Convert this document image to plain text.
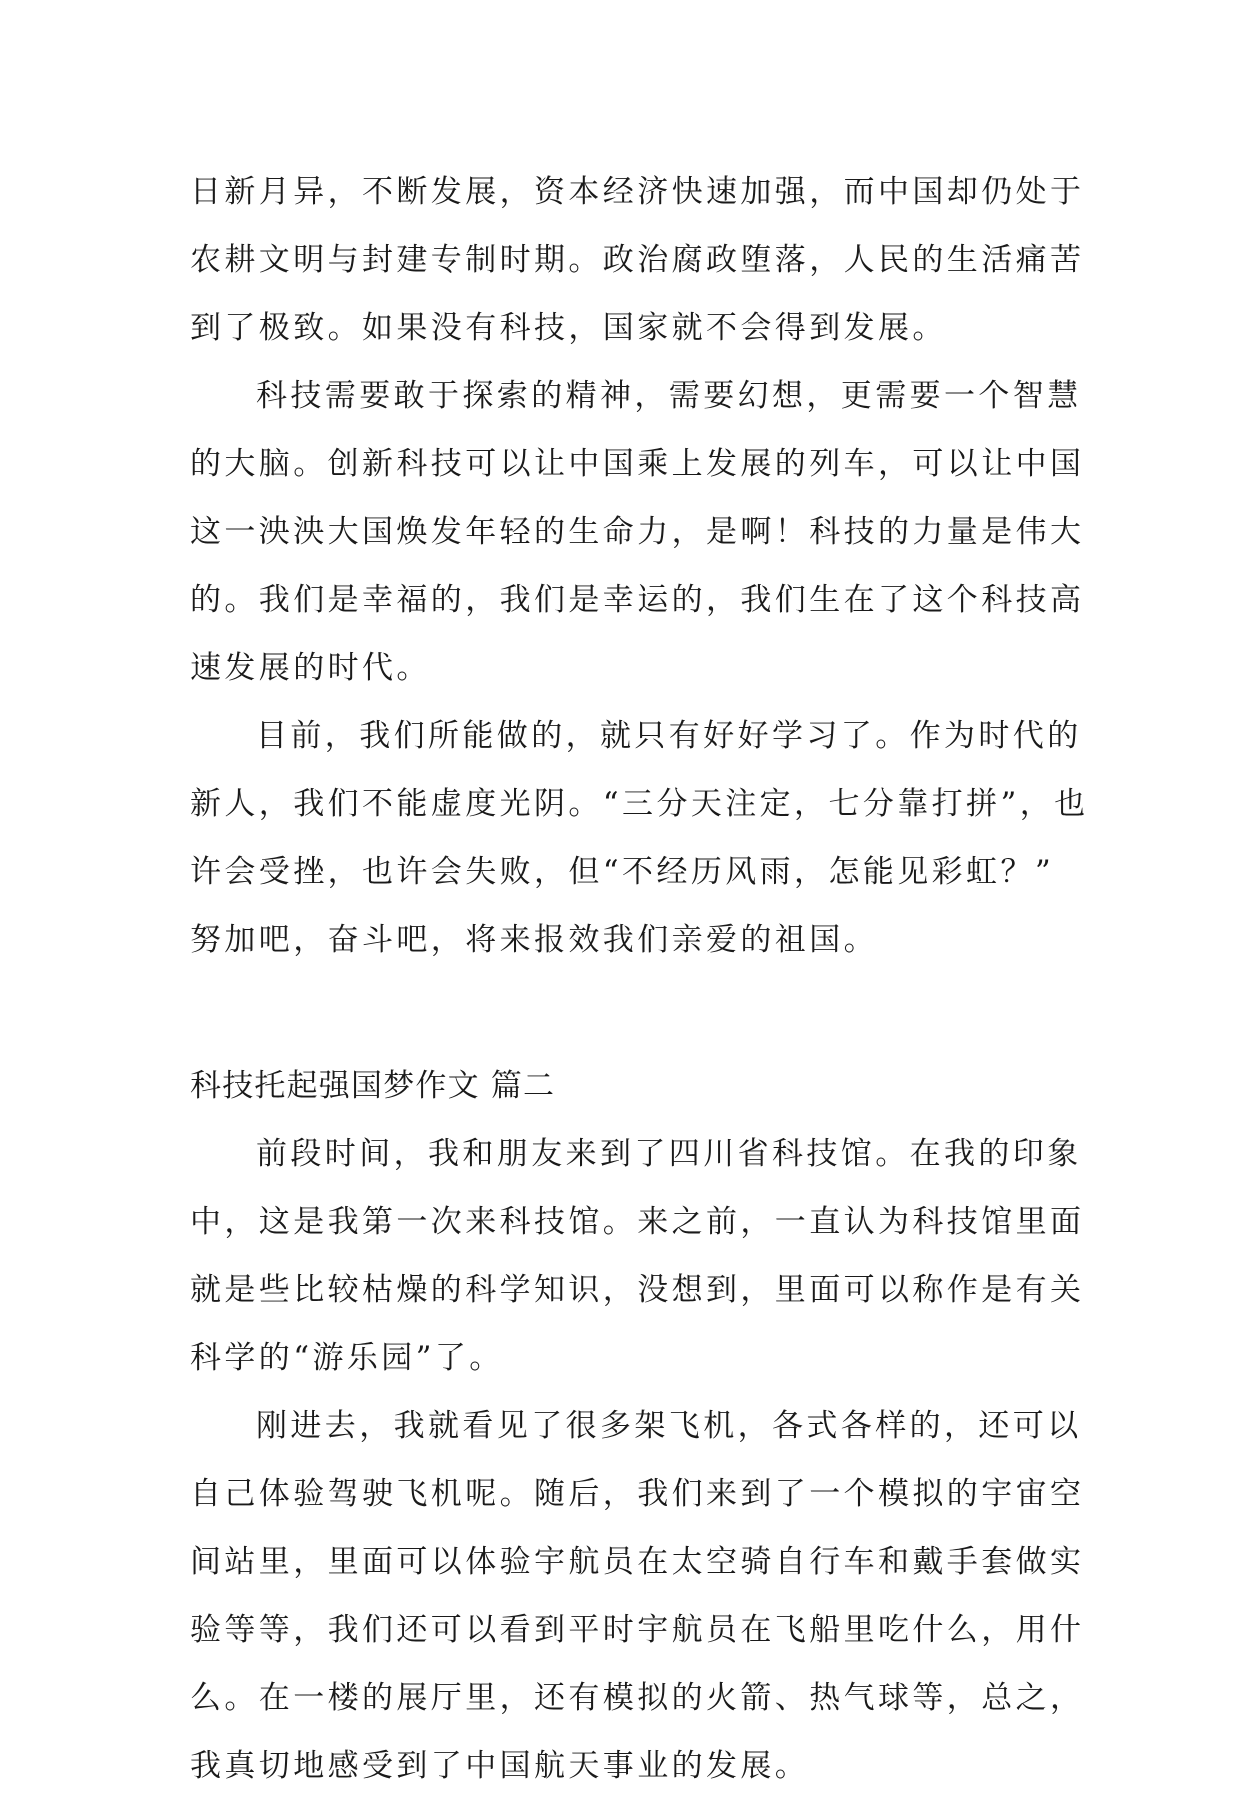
日新月异，不断发展，资本经济快速加强，而中国却仍处于
农耕文明与封建专制时期。政治腐政堕落，人民的生活痛苦
到了极致。如果没有科技，国家就不会得到发展。
科技需要敢于探索的精神，需要幻想，更需要一个智慧
的大脑。创新科技可以让中国乘上发展的列车，可以让中国
这一泱泱大国焕发年轻的生命力，是啊！科技的力量是伟大
的。我们是幸福的，我们是幸运的，我们生在了这个科技高
速发展的时代。
目前，我们所能做的，就只有好好学习了。作为时代的
新人，我们不能虚度光阴。“三分天注定，七分靠打拼”，也
许会受挫，也许会失败，但“不经历风雨，怎能见彩虹？”
努加吧，奋斗吧，将来报效我们亲爱的祖国。
科技托起强国梦作文 篇二
前段时间，我和朋友来到了四川省科技馆。在我的印象
中，这是我第一次来科技馆。来之前，一直认为科技馆里面
就是些比较枯燥的科学知识，没想到，里面可以称作是有关
科学的“游乐园”了。
刚进去，我就看见了很多架飞机，各式各样的，还可以
自己体验驾驶飞机呢。随后，我们来到了一个模拟的宇宙空
间站里，里面可以体验宇航员在太空骑自行车和戴手套做实
验等等，我们还可以看到平时宇航员在飞船里吃什么，用什
么。在一楼的展厅里，还有模拟的火箭、热气球等，总之，
我真切地感受到了中国航天事业的发展。
